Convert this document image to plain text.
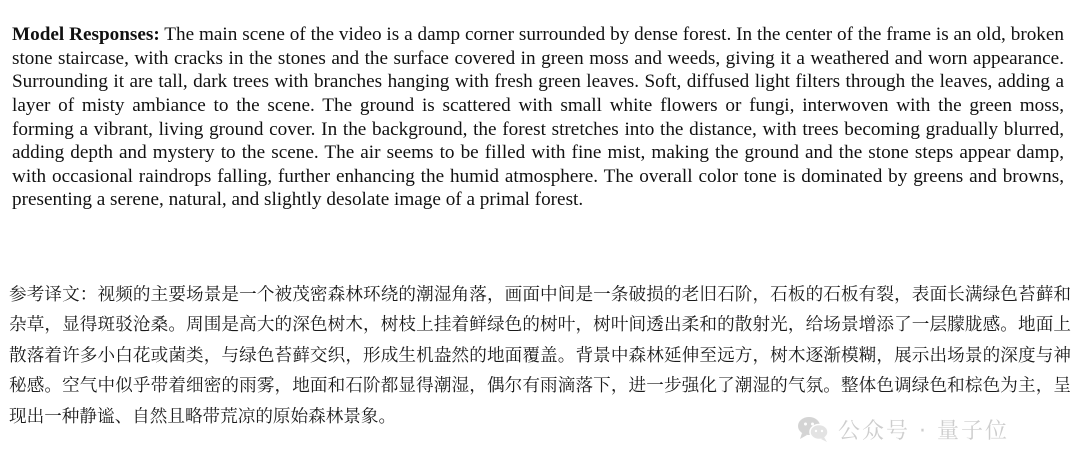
Model Responses: The main scene of the video is a damp corner surrounded by dense forest. In the center of the frame is an old, broken stone staircase, with cracks in the stones and the surface covered in green moss and weeds, giving it a weathered and worn appearance. Surrounding it are tall, dark trees with branches hanging with fresh green leaves. Soft, diffused light filters through the leaves, adding a layer of misty ambiance to the scene. The ground is scattered with small white flowers or fungi, interwoven with the green moss, forming a vibrant, living ground cover. In the background, the forest stretches into the distance, with trees becoming gradually blurred, adding depth and mystery to the scene. The air seems to be filled with fine mist, making the ground and the stone steps appear damp, with occasional raindrops falling, further enhancing the humid atmosphere. The overall color tone is dominated by greens and browns, presenting a serene, natural, and slightly desolate image of a primal forest.

参考译文：视频的主要场景是一个被茂密森林环绕的潮湿角落，画面中间是一条破损的老旧石阶，石板的石板有裂，表面长满绿色苔藓和杂草，显得斑驳沧桑。周围是高大的深色树木，树枝上挂着鲜绿色的树叶，树叶间透出柔和的散射光，给场景增添了一层朦胧感。地面上散落着许多小白花或菌类，与绿色苔藓交织，形成生机盎然的地面覆盖。背景中森林延伸至远方，树木逐渐模糊，展示出场景的深度与神秘感。空气中似乎带着细密的雨雾，地面和石阶都显得潮湿，偶尔有雨滴落下，进一步强化了潮湿的气氛。整体色调绿色和棕色为主，呈现出一种静谧、自然且略带荒凉的原始森林景象。

公众号 · 量子位
